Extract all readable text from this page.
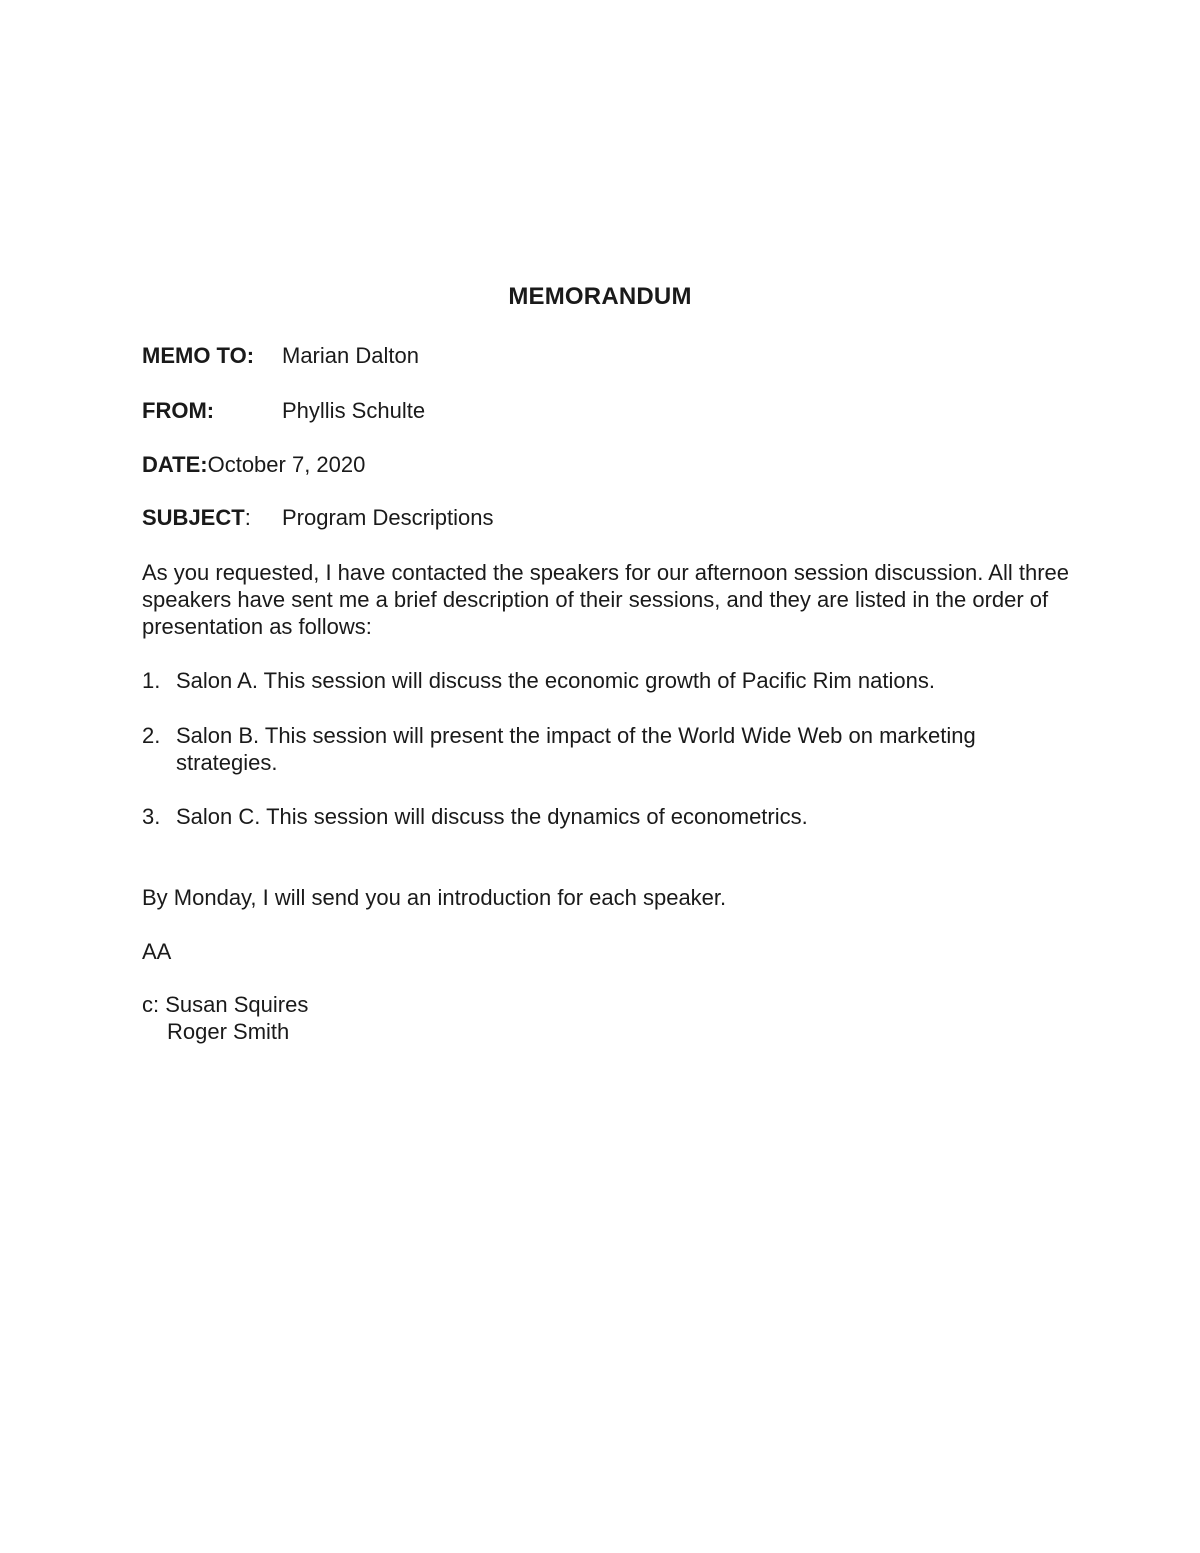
MEMORANDUM
MEMO TO: Marian Dalton
FROM:	Phyllis Schulte
DATE:October 7, 2020
SUBJECT: Program Descriptions
As you requested, I have contacted the speakers for our afternoon session discussion. All three speakers have sent me a brief description of their sessions, and they are listed in the order of presentation as follows:
1. Salon A. This session will discuss the economic growth of Pacific Rim nations.
2. Salon B. This session will present the impact of the World Wide Web on marketing strategies.
3. Salon C. This session will discuss the dynamics of econometrics.
By Monday, I will send you an introduction for each speaker.
AA
c: Susan Squires
Roger Smith
